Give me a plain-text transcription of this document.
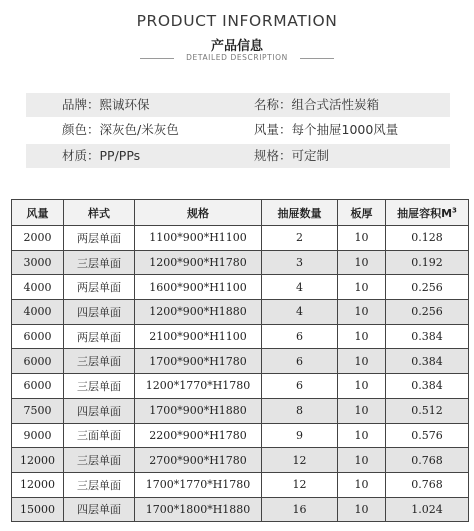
PRODUCT INFORMATION
产品信息
DETAILED DESCRIPTION
品牌：熙诚环保	名称：组合式活性炭箱
颜色：深灰色/米灰色	风量：每个抽屉1000风量
材质：PP/PPs	规格：可定制
风量	样式	规格	抽屉数量	板厚	抽屉容积$M^3$
2000	两层单面	1100*900*H1100	2	10	0.128
3000	三层单面	1200*900*H1780	3	10	0.192
4000	两层单面	1600*900*H1100	4	10	0.256
4000	四层单面	1200*900*H1880	4	10	0.256
6000	两层单面	2100*900*H1100	6	10	0.384
6000	三层单面	1700*900*H1780	6	10	0.384
6000	三层单面	1200*1770*H1780	6	10	0.384
7500	四层单面	1700*900*H1880	8	10	0.512
9000	三面单面	2200*900*H1780	9	10	0.576
12000	三层单面	2700*900*H1780	12	10	0.768
12000	三层单面	1700*1770*H1780	12	10	0.768
15000	四层单面	1700*1800*H1880	16	10	1.024
